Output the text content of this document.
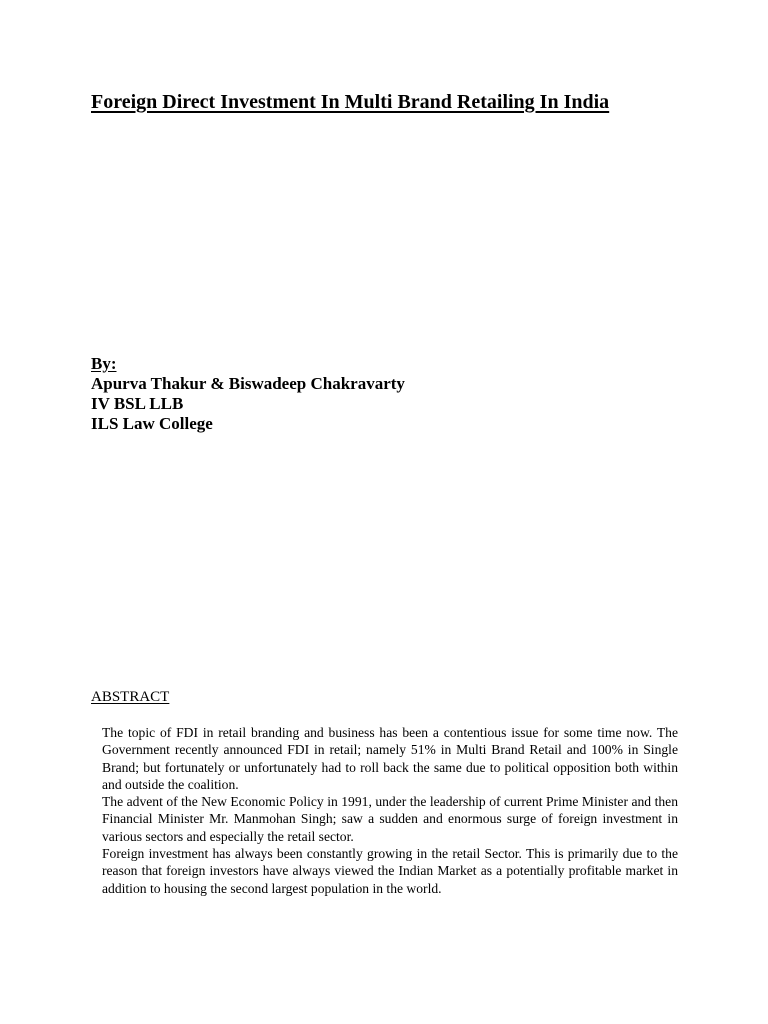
Foreign Direct Investment In Multi Brand Retailing In India
By:
Apurva Thakur & Biswadeep Chakravarty
IV BSL LLB
ILS Law College
ABSTRACT

The topic of FDI in retail branding and business has been a contentious issue for some time now. The Government recently announced FDI in retail; namely 51% in Multi Brand Retail and 100% in Single Brand; but fortunately or unfortunately had to roll back the same due to political opposition both within and outside the coalition.

The advent of the New Economic Policy in 1991, under the leadership of current Prime Minister and then Financial Minister Mr. Manmohan Singh; saw a sudden and enormous surge of foreign investment in various sectors and especially the retail sector.

Foreign investment has always been constantly growing in the retail Sector. This is primarily due to the reason that foreign investors have always viewed the Indian Market as a potentially profitable market in addition to housing the second largest population in the world.
